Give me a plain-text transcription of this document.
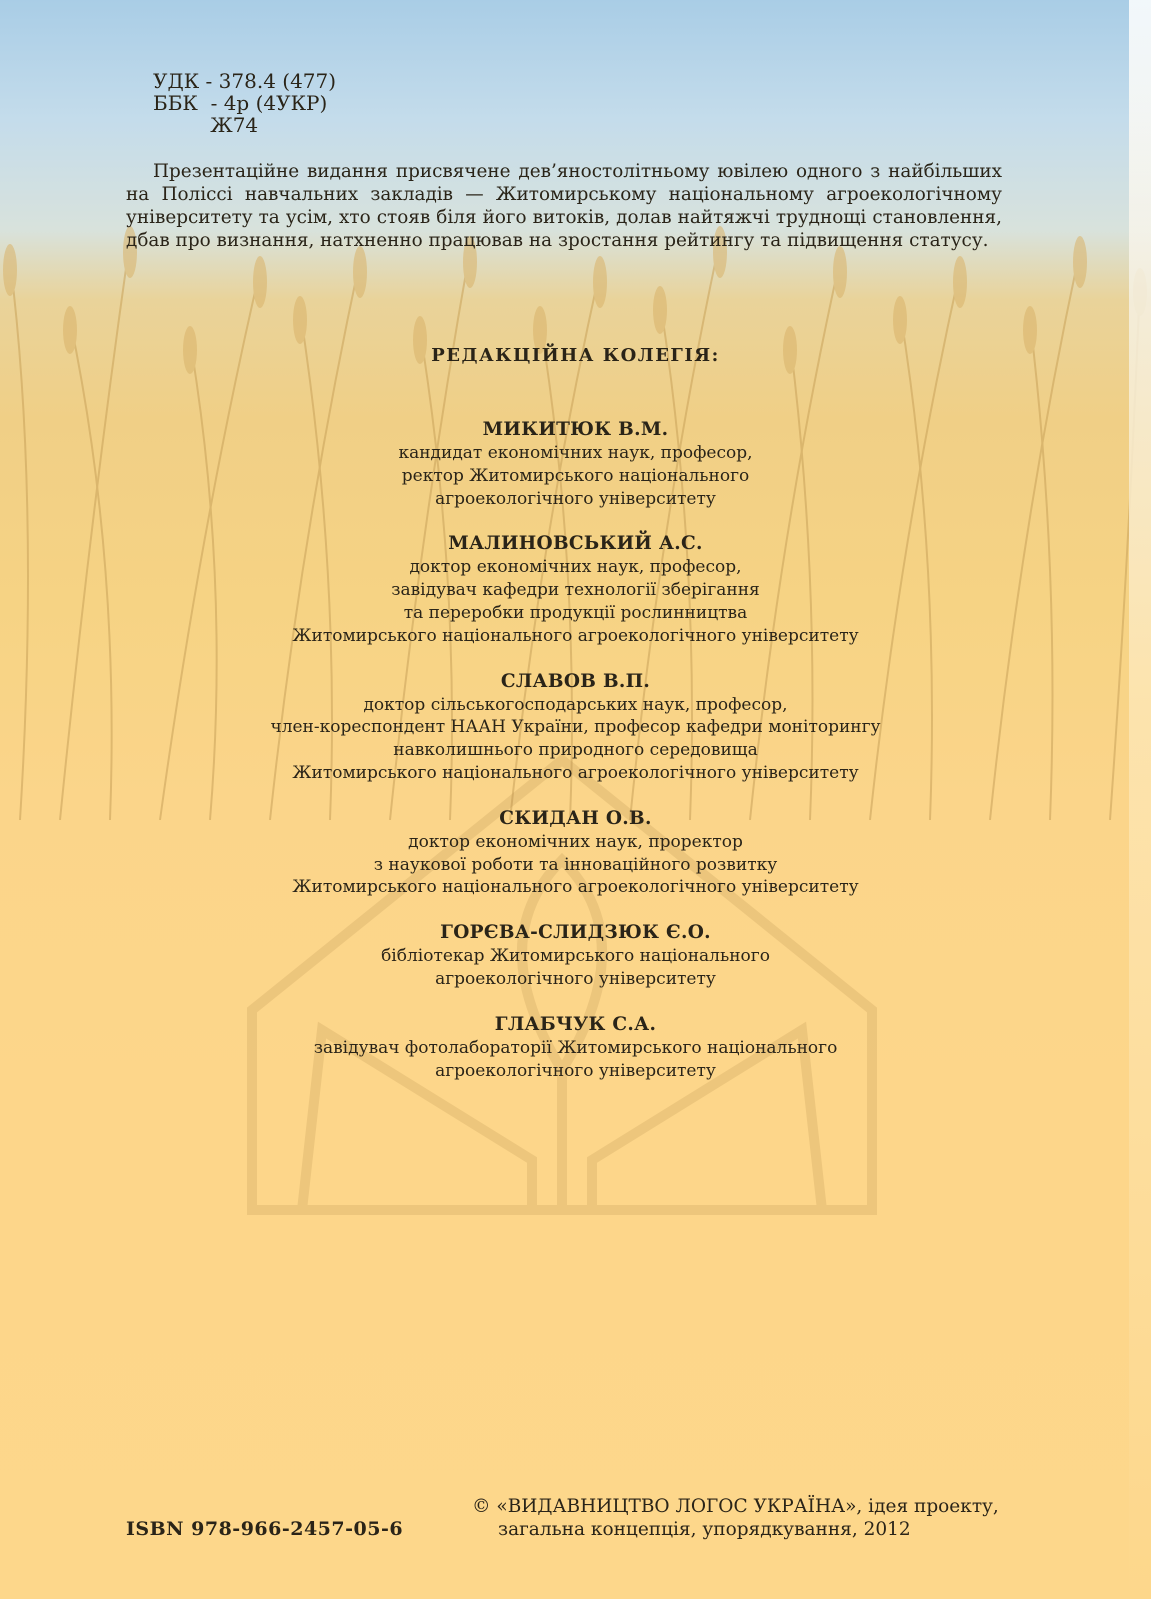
УДК - 378.4 (477)
ББК  - 4р (4УКР)
Ж74
Презентаційне видання присвячене дев’яностолітньому ювілею одного з найбільших на Поліссі навчальних закладів — Житомирському національному агроекологічному університету та усім, хто стояв біля його витоків, долав найтяжчі труднощі становлення, дбав про визнання, натхненно працював на зростання рейтингу та підвищення статусу.
РЕДАКЦІЙНА КОЛЕГІЯ:
МИКИТЮК В.М.
кандидат економічних наук, професор,
ректор Житомирського національного
агроекологічного університету
МАЛИНОВСЬКИЙ А.С.
доктор економічних наук, професор,
завідувач кафедри технології зберігання
та переробки продукції рослинництва
Житомирського національного агроекологічного університету
СЛАВОВ В.П.
доктор сільськогосподарських наук, професор,
член-кореспондент НААН України, професор кафедри моніторингу
навколишнього природного середовища
Житомирського національного агроекологічного університету
СКИДАН О.В.
доктор економічних наук, проректор
з наукової роботи та інноваційного розвитку
Житомирського національного агроекологічного університету
ГОРЄВА-СЛИДЗЮК Є.О.
бібліотекар Житомирського національного
агроекологічного університету
ГЛАБЧУК С.А.
завідувач фотолабораторії Житомирського національного
агроекологічного університету
ISBN 978-966-2457-05-6
© «ВИДАВНИЦТВО ЛОГОС УКРАЇНА», ідея проекту,
загальна концепція, упорядкування, 2012
